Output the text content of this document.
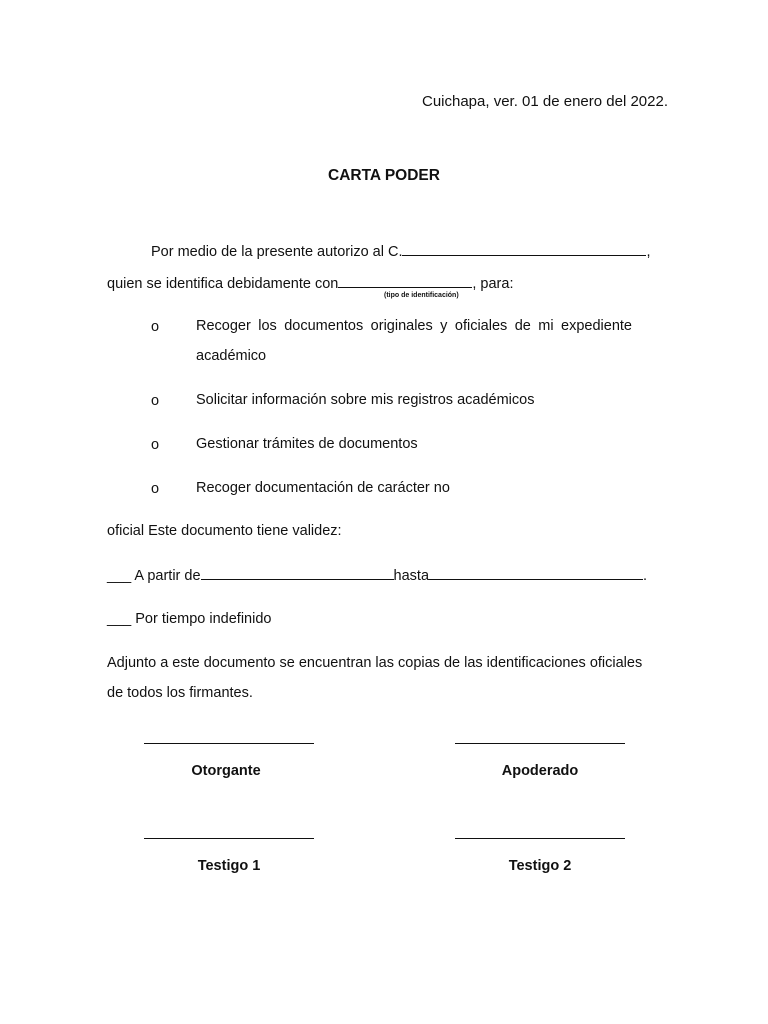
Cuichapa, ver. 01 de enero del 2022.
CARTA PODER
Por medio de la presente autorizo al C.	,
quien se identifica debidamente con	, para:
(tipo de identificación)
o	Recoger los documentos originales y oficiales de mi expediente
académico
o	Solicitar información sobre mis registros académicos
o	Gestionar trámites de documentos
o	Recoger documentación de carácter no
oficial Este documento tiene validez:
___ A partir de	hasta	.
___ Por tiempo indefinido
Adjunto a este documento se encuentran las copias de las identificaciones oficiales
de todos los firmantes.
Otorgante	Apoderado
Testigo 1	Testigo 2
